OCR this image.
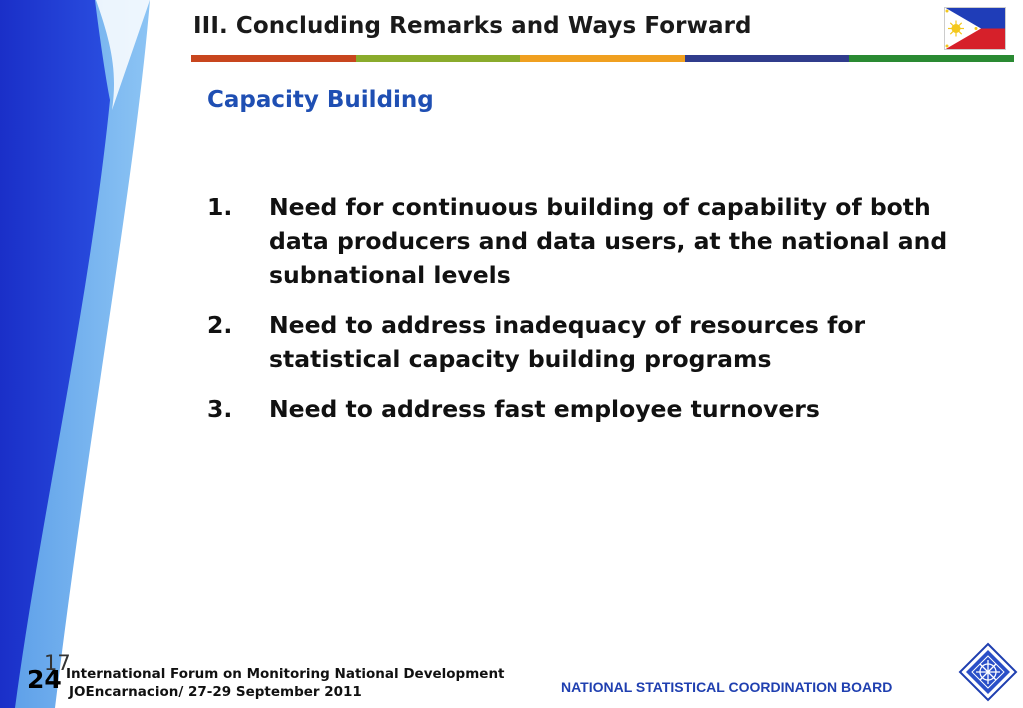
III. Concluding Remarks and Ways Forward
Capacity Building
1.	Need for continuous building of capability of both data producers and data users, at the national and subnational levels
2.	Need to address inadequacy of resources for statistical capacity building programs
3.	Need to address fast employee turnovers
17
24 International Forum on Monitoring National Development
JOEncarnacion/ 27-29 September 2011	NATIONAL STATISTICAL COORDINATION BOARD
